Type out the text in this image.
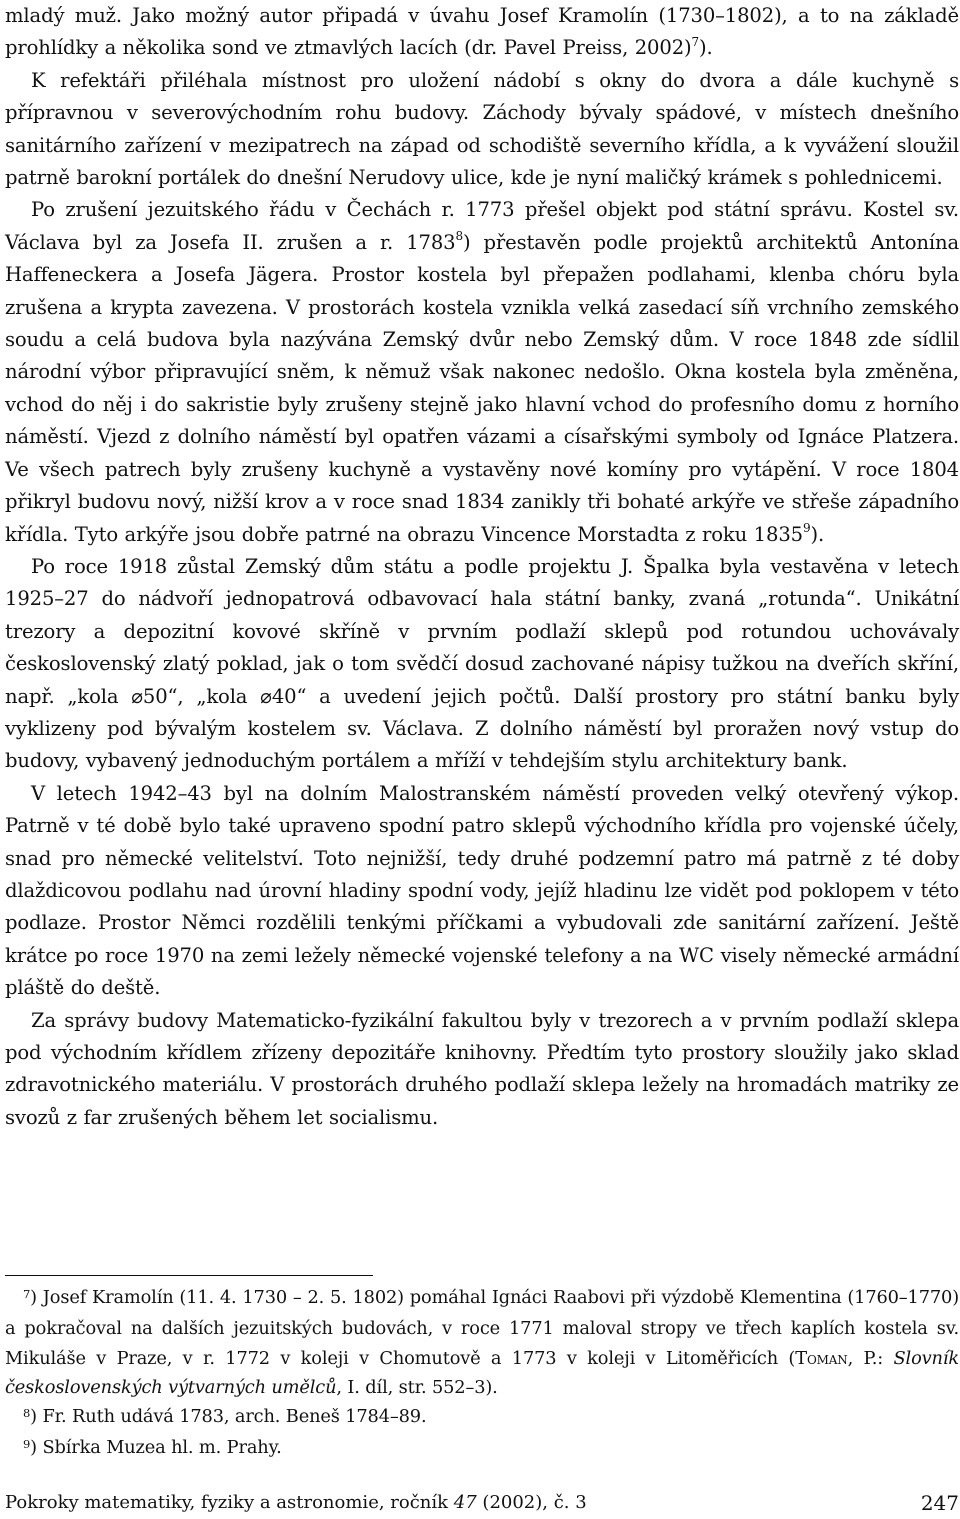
mladý muž. Jako možný autor připadá v úvahu Josef Kramolín (1730–1802), a to na základě prohlídky a několika sond ve ztmavlých lacích (dr. Pavel Preiss, 2002)$^7$).

K refektáři přiléhala místnost pro uložení nádobí s okny do dvora a dále kuchyně s přípravnou v severovýchodním rohu budovy. Záchody bývaly spádové, v místech dnešního sanitárního zařízení v mezipatrech na západ od schodiště severního křídla, a k vyvážení sloužil patrně barokní portálek do dnešní Nerudovy ulice, kde je nyní maličký krámek s pohlednicemi.

Po zrušení jezuitského řádu v Čechách r. 1773 přešel objekt pod státní správu. Kostel sv. Václava byl za Josefa II. zrušen a r. 1783$^8$) přestavěn podle projektů architektů Antonína Haffeneckera a Josefa Jägera. Prostor kostela byl přepažen podlahami, klenba chóru byla zrušena a krypta zavezena. V prostorách kostela vznikla velká zasedací síň vrchního zemského soudu a celá budova byla nazývána Zemský dvůr nebo Zemský dům. V roce 1848 zde sídlil národní výbor připravující sněm, k němuž však nakonec nedošlo. Okna kostela byla změněna, vchod do něj i do sakristie byly zrušeny stejně jako hlavní vchod do profesního domu z horního náměstí. Vjezd z dolního náměstí byl opatřen vázami a císařskými symboly od Ignáce Platzera. Ve všech patrech byly zrušeny kuchyně a vystavěny nové komíny pro vytápění. V roce 1804 přikryl budovu nový, nižší krov a v roce snad 1834 zanikly tři bohaté arkýře ve střeše západního křídla. Tyto arkýře jsou dobře patrné na obrazu Vincence Morstadta z roku 1835$^9$).

Po roce 1918 zůstal Zemský dům státu a podle projektu J. Špalka byla vestavěna v letech 1925–27 do nádvoří jednopatrová odbavovací hala státní banky, zvaná „rotunda“. Unikátní trezory a depozitní kovové skříně v prvním podlaží sklepů pod rotundou uchovávaly československý zlatý poklad, jak o tom svědčí dosud zachované nápisy tužkou na dveřích skříní, např. „kola ⌀50“, „kola ⌀40“ a uvedení jejich počtů. Další prostory pro státní banku byly vyklizeny pod bývalým kostelem sv. Václava. Z dolního náměstí byl proražen nový vstup do budovy, vybavený jednoduchým portálem a mříží v tehdejším stylu architektury bank.

V letech 1942–43 byl na dolním Malostranském náměstí proveden velký otevřený výkop. Patrně v té době bylo také upraveno spodní patro sklepů východního křídla pro vojenské účely, snad pro německé velitelství. Toto nejnižší, tedy druhé podzemní patro má patrně z té doby dlaždicovou podlahu nad úrovní hladiny spodní vody, jejíž hladinu lze vidět pod poklopem v této podlaze. Prostor Němci rozdělili tenkými příčkami a vybudovali zde sanitární zařízení. Ještě krátce po roce 1970 na zemi ležely německé vojenské telefony a na WC visely německé armádní pláště do deště.

Za správy budovy Matematicko-fyzikální fakultou byly v trezorech a v prvním podlaží sklepa pod východním křídlem zřízeny depozitáře knihovny. Předtím tyto prostory sloužily jako sklad zdravotnického materiálu. V prostorách druhého podlaží sklepa ležely na hromadách matriky ze svozů z far zrušených během let socialismu.

$^7$) Josef Kramolín (11. 4. 1730 – 2. 5. 1802) pomáhal Ignáci Raabovi při výzdobě Klementina (1760–1770) a pokračoval na dalších jezuitských budovách, v roce 1771 maloval stropy ve třech kaplích kostela sv. Mikuláše v Praze, v r. 1772 v koleji v Chomutově a 1773 v koleji v Litoměřicích (Toman, P.: Slovník československých výtvarných umělců, I. díl, str. 552–3).

$^8$) Fr. Ruth udává 1783, arch. Beneš 1784–89.

$^9$) Sbírka Muzea hl. m. Prahy.

Pokroky matematiky, fyziky a astronomie, ročník 47 (2002), č. 3	247
